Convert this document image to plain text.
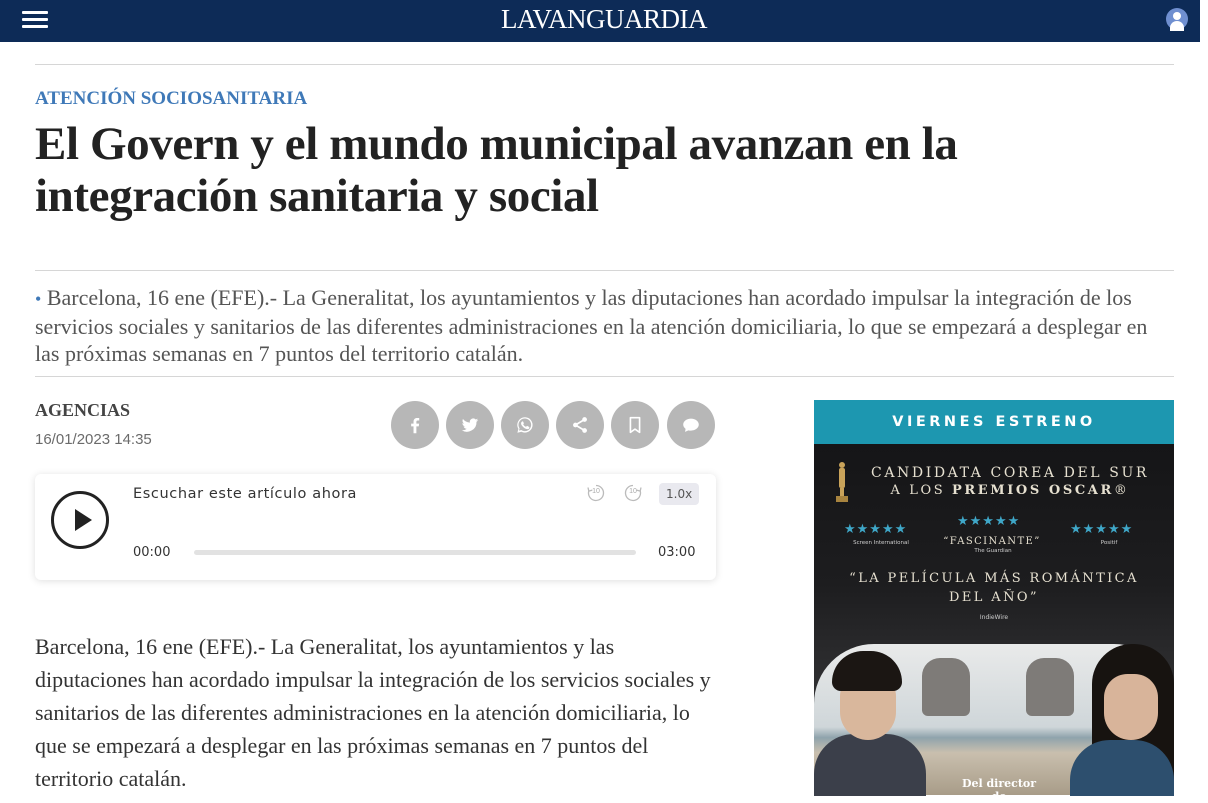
LAVANGUARDIA
ATENCIÓN SOCIOSANITARIA
El Govern y el mundo municipal avanzan en la integración sanitaria y social

• Barcelona, 16 ene (EFE).- La Generalitat, los ayuntamientos y las diputaciones han acordado impulsar la integración de los servicios sociales y sanitarios de las diferentes administraciones en la atención domiciliaria, lo que se empezará a desplegar en las próximas semanas en 7 puntos del territorio catalán.

AGENCIAS
16/01/2023 14:35
Escuchar este artículo ahora	10	10	1.0x
00:00	03:00

Barcelona, 16 ene (EFE).- La Generalitat, los ayuntamientos y las diputaciones han acordado impulsar la integración de los servicios sociales y sanitarios de las diferentes administraciones en la atención domiciliaria, lo que se empezará a desplegar en las próximas semanas en 7 puntos del territorio catalán.

VIERNES ESTRENO
CANDIDATA COREA DEL SUR
A LOS PREMIOS OSCAR®
★★★★★
Screen International
★★★★★
“FASCINANTE”
The Guardian
★★★★★
Positif
“LA PELÍCULA MÁS ROMÁNTICA DEL AÑO”
IndieWire
Del director de
